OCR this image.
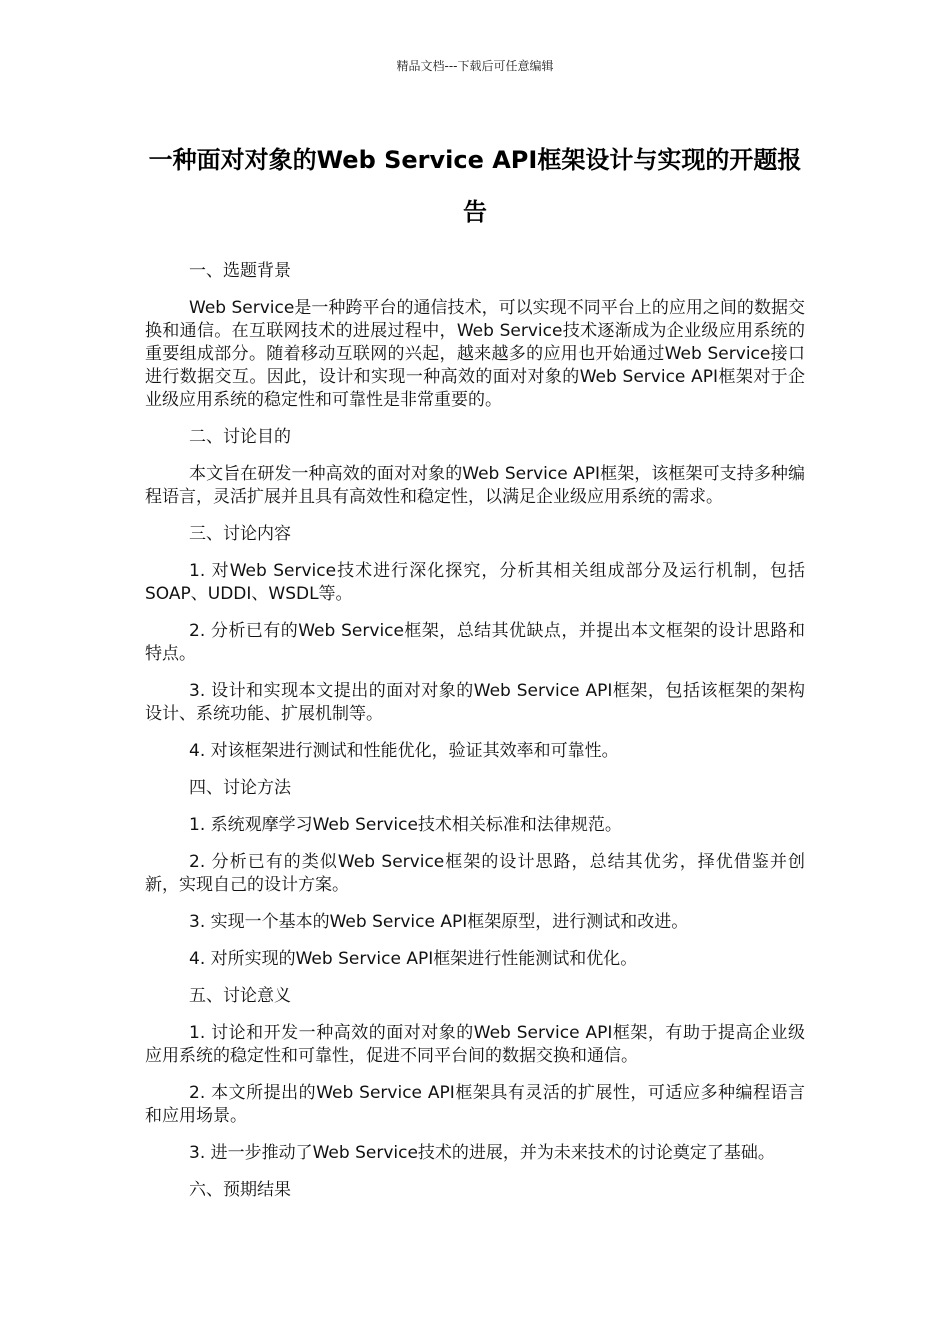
精品文档---下载后可任意编辑
一种面对对象的Web Service API框架设计与实现的开题报告
一、选题背景
Web Service是一种跨平台的通信技术，可以实现不同平台上的应用之间的数据交换和通信。在互联网技术的进展过程中，Web Service技术逐渐成为企业级应用系统的重要组成部分。随着移动互联网的兴起，越来越多的应用也开始通过Web Service接口进行数据交互。因此，设计和实现一种高效的面对对象的Web Service API框架对于企业级应用系统的稳定性和可靠性是非常重要的。
二、讨论目的
本文旨在研发一种高效的面对对象的Web Service API框架，该框架可支持多种编程语言，灵活扩展并且具有高效性和稳定性，以满足企业级应用系统的需求。
三、讨论内容
1. 对Web Service技术进行深化探究，分析其相关组成部分及运行机制，包括SOAP、UDDI、WSDL等。
2. 分析已有的Web Service框架，总结其优缺点，并提出本文框架的设计思路和特点。
3. 设计和实现本文提出的面对对象的Web Service API框架，包括该框架的架构设计、系统功能、扩展机制等。
4. 对该框架进行测试和性能优化，验证其效率和可靠性。
四、讨论方法
1. 系统观摩学习Web Service技术相关标准和法律规范。
2. 分析已有的类似Web Service框架的设计思路，总结其优劣，择优借鉴并创新，实现自己的设计方案。
3. 实现一个基本的Web Service API框架原型，进行测试和改进。
4. 对所实现的Web Service API框架进行性能测试和优化。
五、讨论意义
1. 讨论和开发一种高效的面对对象的Web Service API框架，有助于提高企业级应用系统的稳定性和可靠性，促进不同平台间的数据交换和通信。
2. 本文所提出的Web Service API框架具有灵活的扩展性，可适应多种编程语言和应用场景。
3. 进一步推动了Web Service技术的进展，并为未来技术的讨论奠定了基础。
六、预期结果
